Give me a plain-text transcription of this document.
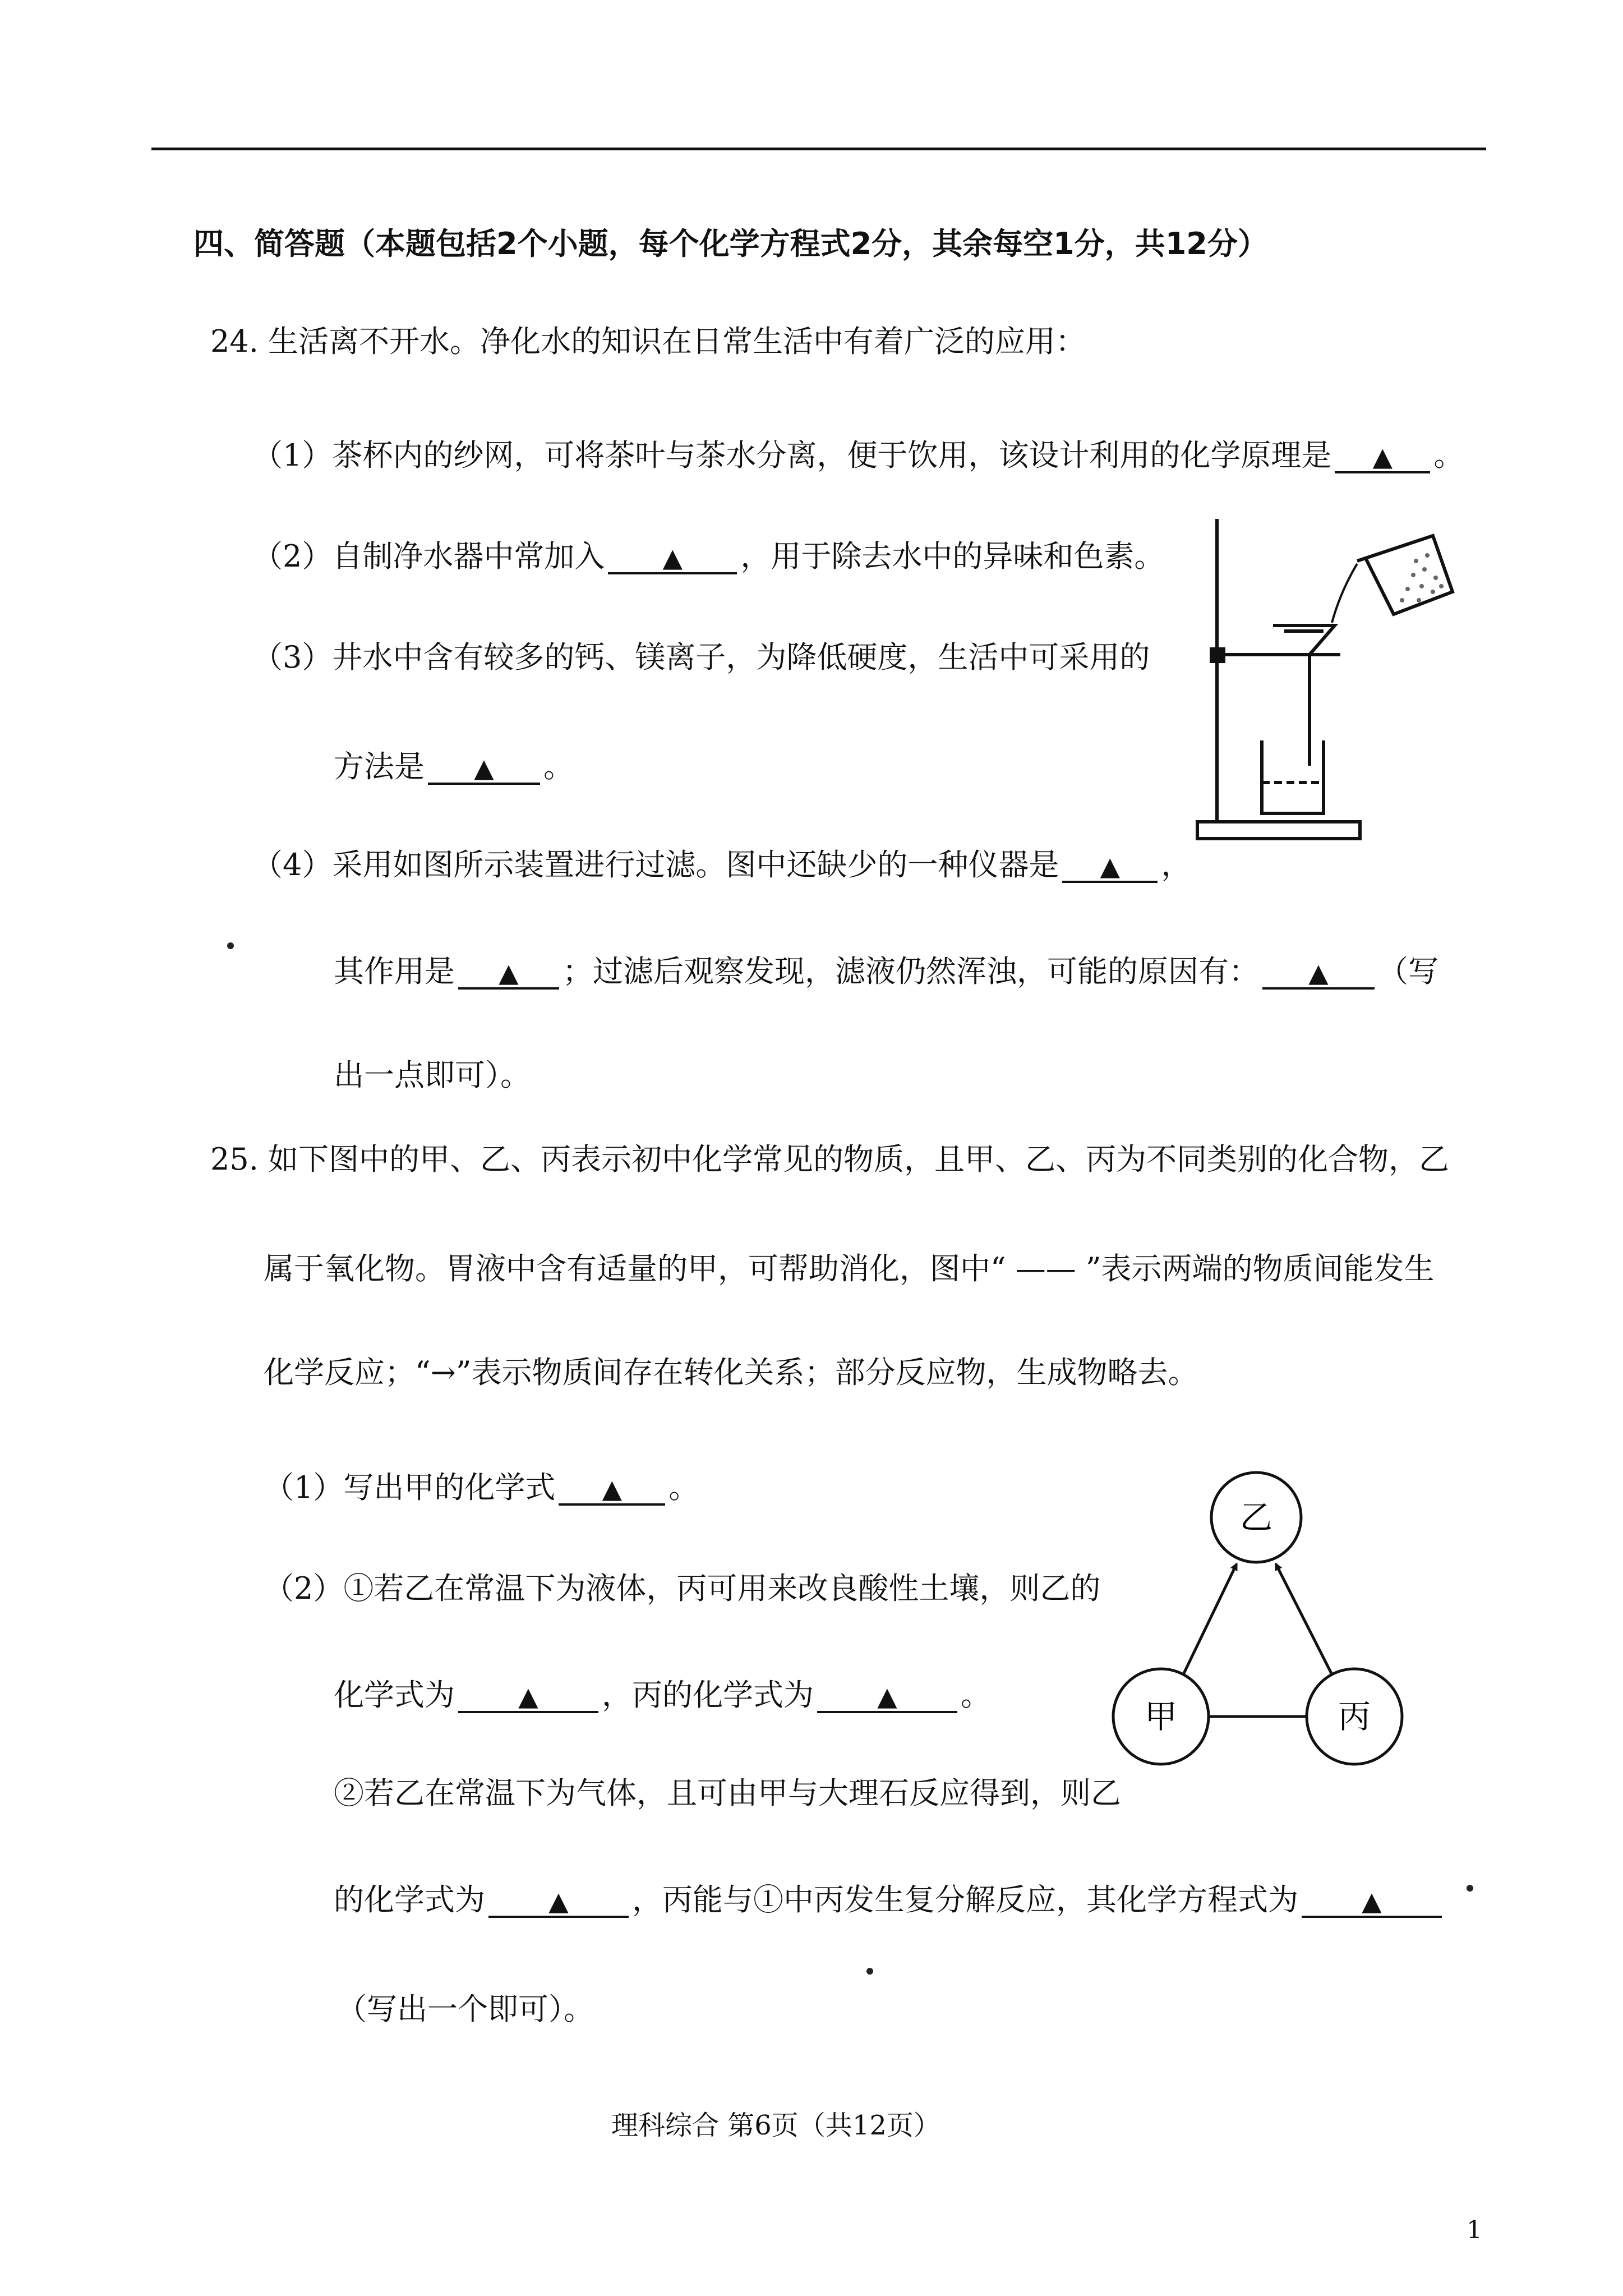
四、简答题（本题包括2个小题，每个化学方程式2分，其余每空1分，共12分）
24. 生活离不开水。净化水的知识在日常生活中有着广泛的应用：
（1）茶杯内的纱网，可将茶叶与茶水分离，便于饮用，该设计利用的化学原理是 ▲ 。
（2）自制净水器中常加入 ▲ ，用于除去水中的异味和色素。
（3）井水中含有较多的钙、镁离子，为降低硬度，生活中可采用的
方法是 ▲ 。
（4）采用如图所示装置进行过滤。图中还缺少的一种仪器是 ▲ ，
其作用是 ▲ ；过滤后观察发现，滤液仍然浑浊，可能的原因有： ▲ （写
出一点即可）。
25. 如下图中的甲、乙、丙表示初中化学常见的物质，且甲、乙、丙为不同类别的化合物，乙
属于氧化物。胃液中含有适量的甲，可帮助消化，图中“ —— ”表示两端的物质间能发生
化学反应；“→”表示物质间存在转化关系；部分反应物，生成物略去。
（1）写出甲的化学式 ▲ 。
（2）①若乙在常温下为液体，丙可用来改良酸性土壤，则乙的
化学式为 ▲ ，丙的化学式为 ▲ 。
②若乙在常温下为气体，且可由甲与大理石反应得到，则乙
的化学式为 ▲ ，丙能与①中丙发生复分解反应，其化学方程式为 ▲
（写出一个即可）。
乙
甲	丙
理科综合 第6页（共12页）
1
